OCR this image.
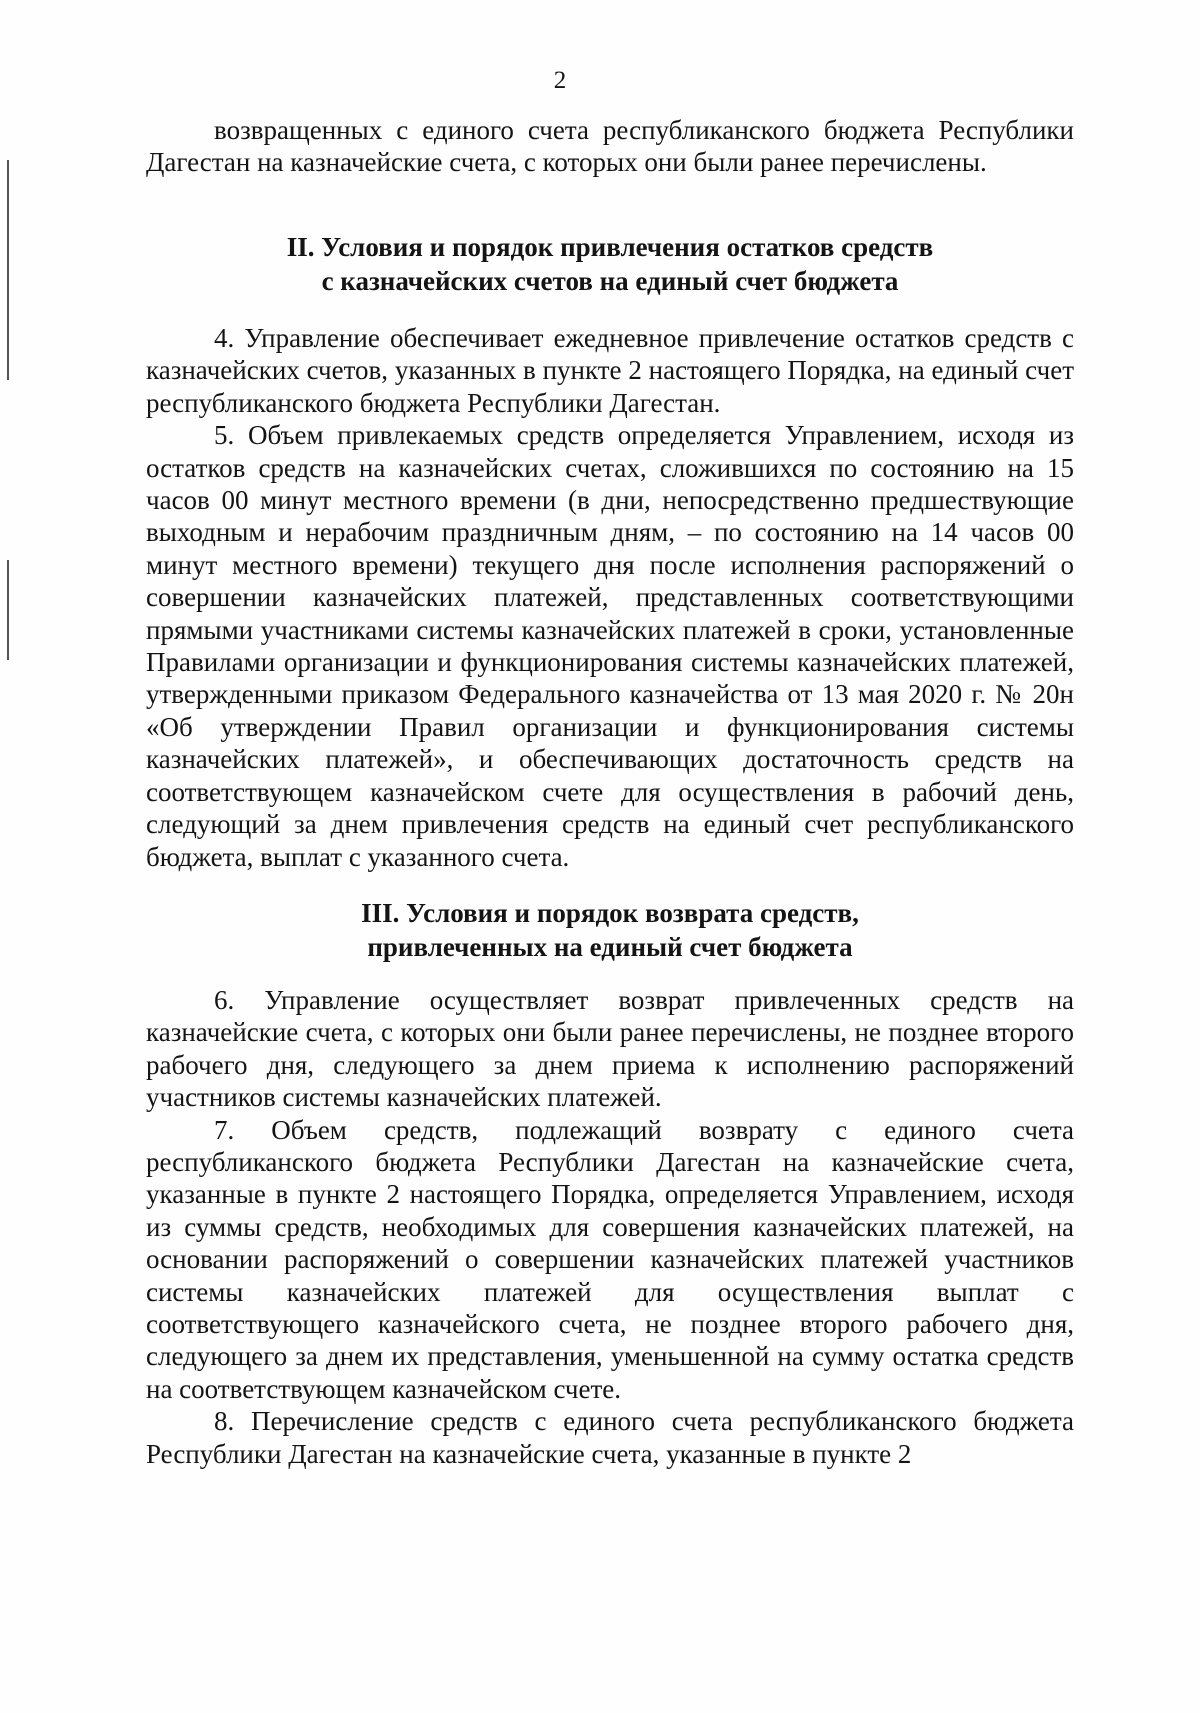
2

возвращенных с единого счета республиканского бюджета Республики Дагестан на казначейские счета, с которых они были ранее перечислены.

II. Условия и порядок привлечения остатков средств
с казначейских счетов на единый счет бюджета

4. Управление обеспечивает ежедневное привлечение остатков средств с казначейских счетов, указанных в пункте 2 настоящего Порядка, на единый счет республиканского бюджета Республики Дагестан.

5. Объем привлекаемых средств определяется Управлением, исходя из остатков средств на казначейских счетах, сложившихся по состоянию на 15 часов 00 минут местного времени (в дни, непосредственно предшествующие выходным и нерабочим праздничным дням, – по состоянию на 14 часов 00 минут местного времени) текущего дня после исполнения распоряжений о совершении казначейских платежей, представленных соответствующими прямыми участниками системы казначейских платежей в сроки, установленные Правилами организации и функционирования системы казначейских платежей, утвержденными приказом Федерального казначейства от 13 мая 2020 г. № 20н «Об утверждении Правил организации и функционирования системы казначейских платежей», и обеспечивающих достаточность средств на соответствующем казначейском счете для осуществления в рабочий день, следующий за днем привлечения средств на единый счет республиканского бюджета, выплат с указанного счета.

III. Условия и порядок возврата средств,
привлеченных на единый счет бюджета

6. Управление осуществляет возврат привлеченных средств на казначейские счета, с которых они были ранее перечислены, не позднее второго рабочего дня, следующего за днем приема к исполнению распоряжений участников системы казначейских платежей.

7. Объем средств, подлежащий возврату с единого счета республиканского бюджета Республики Дагестан на казначейские счета, указанные в пункте 2 настоящего Порядка, определяется Управлением, исходя из суммы средств, необходимых для совершения казначейских платежей, на основании распоряжений о совершении казначейских платежей участников системы казначейских платежей для осуществления выплат с соответствующего казначейского счета, не позднее второго рабочего дня, следующего за днем их представления, уменьшенной на сумму остатка средств на соответствующем казначейском счете.

8. Перечисление средств с единого счета республиканского бюджета Республики Дагестан на казначейские счета, указанные в пункте 2
